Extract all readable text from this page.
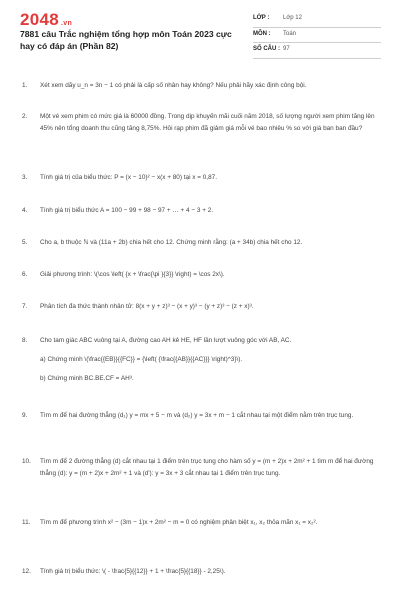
2048 .vn
7881 câu Trắc nghiệm tổng hợp môn Toán 2023 cực hay có đáp án (Phần 82)
LỚP : Lớp 12
MÔN : Toán
SỐ CÂU : 97
1.	Xét xem dãy u_n = 3n − 1 có phải là cấp số nhân hay không? Nếu phải hãy xác định công bội.
2.	Một vé xem phim có mức giá là 60000 đồng. Trong dịp khuyến mãi cuối năm 2018, số lượng người xem phim tăng lên 45% nên tổng doanh thu cũng tăng 8,75%. Hỏi rạp phim đã giảm giá mỗi vé bao nhiêu % so với giá ban ban đầu?
3.	Tính giá trị của biểu thức: P = (x − 10)² − x(x + 80) tại x = 0,87.
4.	Tính giá trị biểu thức A = 100 − 99 + 98 − 97 + … + 4 − 3 + 2.
5.	Cho a, b thuộc ℕ và (11a + 2b) chia hết cho 12. Chứng minh rằng: (a + 34b) chia hết cho 12.
6.	Giải phương trình: \(\cos \left( {x + \frac{\pi }{3}} \right) = \cos 2x\).
7.	Phân tích đa thức thành nhân tử: 8(x + y + z)³ − (x + y)³ − (y + z)³ − (z + x)³.
8.	Cho tam giác ABC vuông tại A, đường cao AH kẻ HE, HF lần lượt vuông góc với AB, AC.
a) Chứng minh \(\frac{{EB}}{{FC}} = {\left( {\frac{{AB}}{{AC}}} \right)^3}\).
b) Chứng minh BC.BE.CF = AH³.
9.	Tìm m để hai đường thẳng (d₁) y = mx + 5 − m và (d₂) y = 3x + m − 1 cắt nhau tại một điểm nằm trên trục tung.
10.	Tìm m để 2 đường thẳng (d) cắt nhau tại 1 điểm trên trục tung cho hàm số y = (m + 2)x + 2m² + 1 tìm m để hai đường thẳng (d): y = (m + 2)x + 2m² + 1 và (d'): y = 3x + 3 cắt nhau tại 1 điểm trên trục tung.
11.	Tìm m để phương trình x² − (3m − 1)x + 2m² − m = 0 có nghiệm phân biệt x₁, x₂ thỏa mãn x₁ = x₂².
12.	Tính giá trị biểu thức: \( - \frac{5}{{12}} + 1 + \frac{5}{{18}} - 2,25\).
